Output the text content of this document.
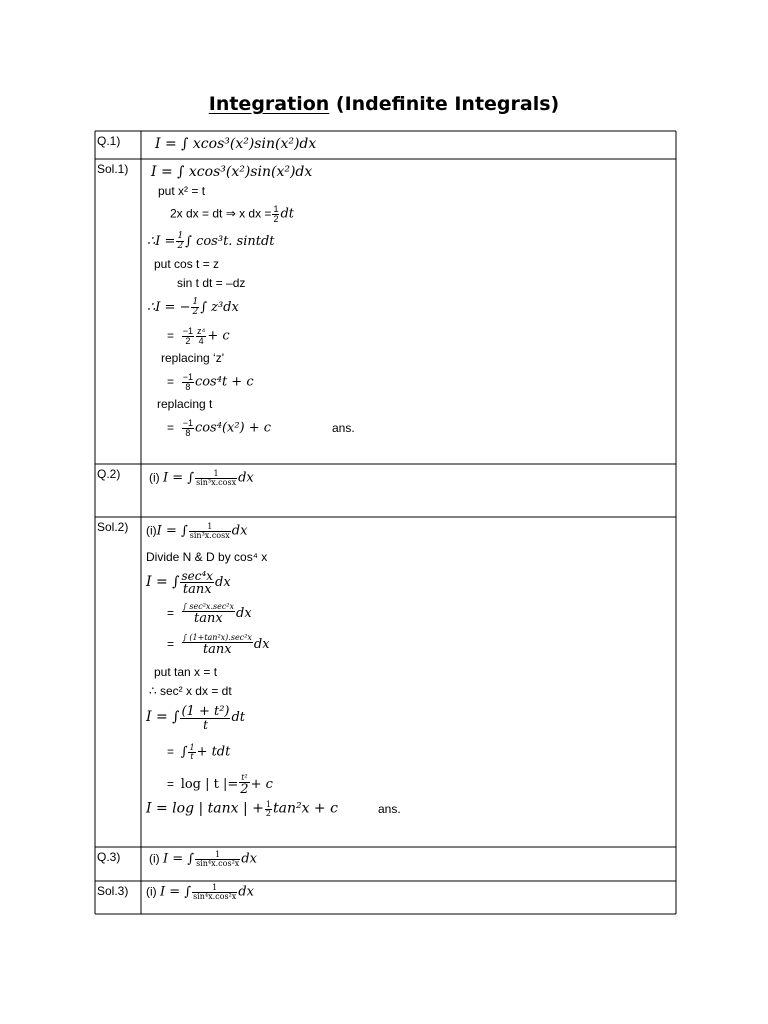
Integration (Indefinite Integrals)
Q.1) I = ∫ xcos³(x²)sin(x²)dx
Sol.1) I = ∫ xcos³(x²)sin(x²)dx
put x² = t
2x dx = dt ⇒ x dx = $\frac{1}{2}$ dt
∴I = $\frac{1}{2}$ ∫ cos³t. sintdt
put cos t = z
sin t dt = –dz
∴I = − $\frac{1}{2}$ ∫ z³dx
= $\frac{-1}{2} \frac{\text{z⁴}}{4} + c$
replacing ‘z'
= $\frac{-1}{8} \cos^4t + c$
replacing t
= $\frac{-1}{8} \cos^4(x^2) + c$	ans.
Q.2) (i) I = ∫ $\frac{1}{\text{sin³x.cosx}}$ dx
Sol.2) (i)I = ∫ $\frac{1}{\text{sin³x.cosx}}$ dx
Divide N & D by cos⁴ x
I = ∫ $\frac{\text{sec⁴x}}{\tan x}$ dx
= $\frac{\text{∫ sec²x.sec²x}}{\tan x}$ dx
= $\frac{\text{∫ (1+tan²x).sec²x}}{\tan x}$ dx
put tan x = t
∴ sec² x dx = dt
I = ∫ $\frac{\text{(1 + t²)}}{t}$ dt
= ∫ $\frac{1}{t}$ + tdt
= log | t |= $\frac{\text{t²}}{2} + c$
I = log | tanx | + $\frac{1}{2} \tan^2x + c$	ans.
Q.3) (i) I = ∫ $\frac{1}{\text{sin⁴x.cos²x}}$ dx
Sol.3) (i) I = ∫ $\frac{1}{\text{sin⁴x.cos²x}}$ dx
